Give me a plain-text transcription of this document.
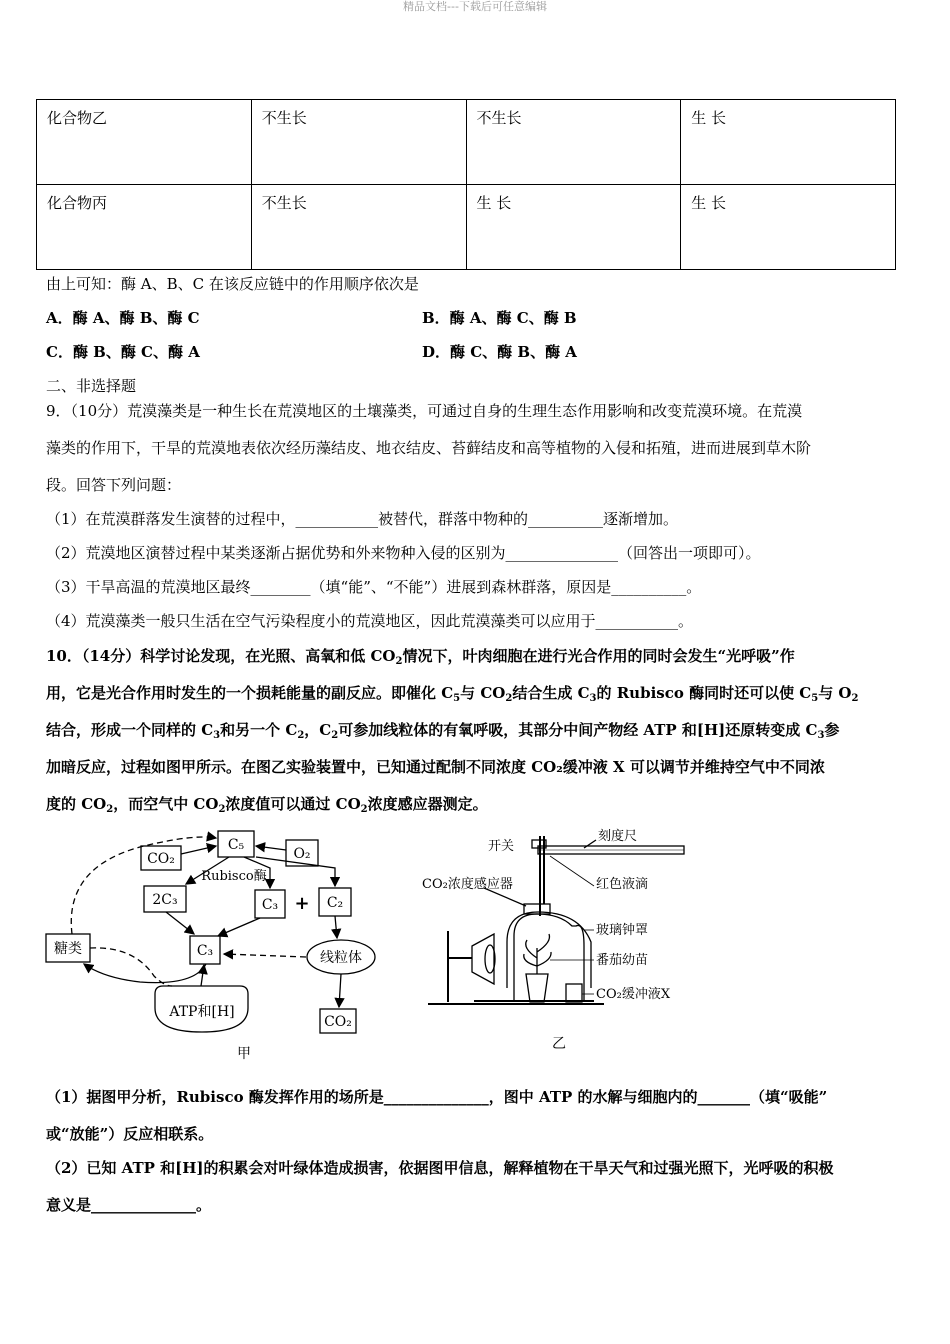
精品文档---下载后可任意编辑
化合物乙	不生长	不生长	生 长
化合物丙	不生长	生 长	生 长
由上可知：酶 A、B、C 在该反应链中的作用顺序依次是
A．酶 A、酶 B、酶 C	B．酶 A、酶 C、酶 B
C．酶 B、酶 C、酶 A	D．酶 C、酶 B、酶 A
二、非选择题
9．（10分）荒漠藻类是一种生长在荒漠地区的土壤藻类，可通过自身的生理生态作用影响和改变荒漠环境。在荒漠
藻类的作用下，干旱的荒漠地表依次经历藻结皮、地衣结皮、苔藓结皮和高等植物的入侵和拓殖，进而进展到草木阶
段。回答下列问题：
（1）在荒漠群落发生演替的过程中，___________被替代，群落中物种的__________逐渐增加。
（2）荒漠地区演替过程中某类逐渐占据优势和外来物种入侵的区别为_______________（回答出一项即可）。
（3）干旱高温的荒漠地区最终________（填“能”、“不能”）进展到森林群落，原因是__________。
（4）荒漠藻类一般只生活在空气污染程度小的荒漠地区，因此荒漠藻类可以应用于___________。
10．（14分）科学讨论发现，在光照、高氧和低 $CO_2$情况下，叶肉细胞在进行光合作用的同时会发生“光呼吸”作
用，它是光合作用时发生的一个损耗能量的副反应。即催化 $C_5$与 $CO_2$结合生成 $C_3$的 Rubisco 酶同时还可以使 $C_5$与 $O_2$
结合，形成一个同样的 $C_3$和另一个 $C_2$，$C_2$可参加线粒体的有氧呼吸，其部分中间产物经 ATP 和[H]还原转变成 $C_3$参
加暗反应，过程如图甲所示。在图乙实验装置中，已知通过配制不同浓度 CO₂缓冲液 X 可以调节并维持空气中不同浓
度的 $CO_2$，而空气中 $CO_2$浓度值可以通过 $CO_2$浓度感应器测定。
CO₂
C₅
O₂
Rubisco酶
2C₃	C₃ + C₂
C₃
糖类
线粒体
ATP和[H]
CO₂
甲
开关
刻度尺
CO₂浓度感应器	红色液滴
玻璃钟罩
番茄幼苗
CO₂缓冲液X
乙
（1）据图甲分析，Rubisco 酶发挥作用的场所是______________，图中 ATP 的水解与细胞内的_______（填“吸能”
或“放能”）反应相联系。
（2）已知 ATP 和[H]的积累会对叶绿体造成损害，依据图甲信息，解释植物在干旱天气和过强光照下，光呼吸的积极
意义是______________。
